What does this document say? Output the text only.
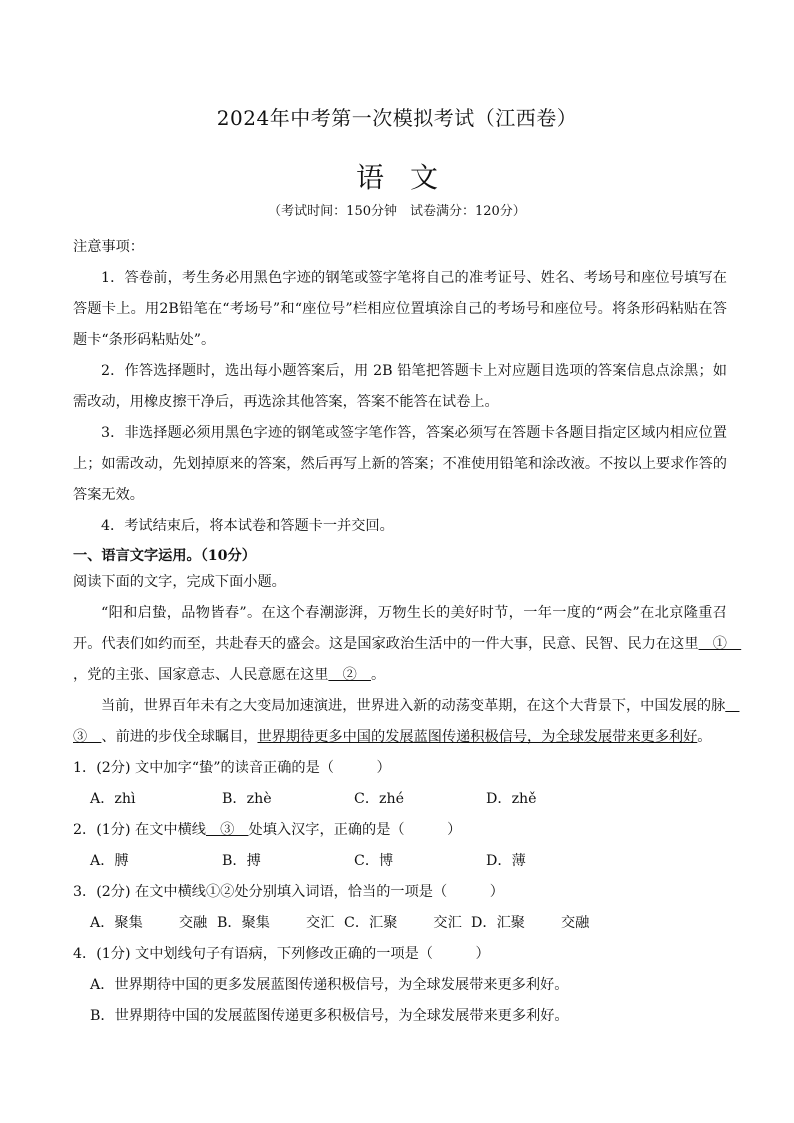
2024年中考第一次模拟考试（江西卷）
语文
（考试时间：150分钟　试卷满分：120分）

注意事项：

1．答卷前，考生务必用黑色字迹的钢笔或签字笔将自己的准考证号、姓名、考场号和座位号填写在答题卡上。用2B铅笔在“考场号”和“座位号”栏相应位置填涂自己的考场号和座位号。将条形码粘贴在答题卡“条形码粘贴处”。

2．作答选择题时，选出每小题答案后，用 2B 铅笔把答题卡上对应题目选项的答案信息点涂黑；如需改动，用橡皮擦干净后，再选涂其他答案，答案不能答在试卷上。

3．非选择题必须用黑色字迹的钢笔或签字笔作答，答案必须写在答题卡各题目指定区域内相应位置上；如需改动，先划掉原来的答案，然后再写上新的答案；不准使用铅笔和涂改液。不按以上要求作答的答案无效。

4．考试结束后，将本试卷和答题卡一并交回。

一、语言文字运用。（10分）

阅读下面的文字，完成下面小题。

“阳和启蛰，品物皆春”。在这个春潮澎湃，万物生长的美好时节，一年一度的“两会”在北京隆重召开。代表们如约而至，共赴春天的盛会。这是国家政治生活中的一件大事，民意、民智、民力在这里　①　，党的主张、国家意志、人民意愿在这里　②　。

当前，世界百年未有之大变局加速演进，世界进入新的动荡变革期，在这个大背景下，中国发展的脉　③　、前进的步伐全球瞩目，世界期待更多中国的发展蓝图传递积极信号，为全球发展带来更多利好。

1．(2分) 文中加字“蛰”的读音正确的是（　　　）

A．zhì	B．zhè	C．zhé	D．zhě

2．(1分) 在文中横线　③　处填入汉字，正确的是（　　　）

A．膊	B．搏	C．博	D．薄

3．(2分) 在文中横线①②处分别填入词语，恰当的一项是（　　　）

A．聚集	交融 B．聚集	交汇 C．汇聚	交汇 D．汇聚	交融

4．(1分) 文中划线句子有语病，下列修改正确的一项是（　　　）

A．世界期待中国的更多发展蓝图传递积极信号，为全球发展带来更多利好。

B．世界期待中国的发展蓝图传递更多积极信号，为全球发展带来更多利好。
